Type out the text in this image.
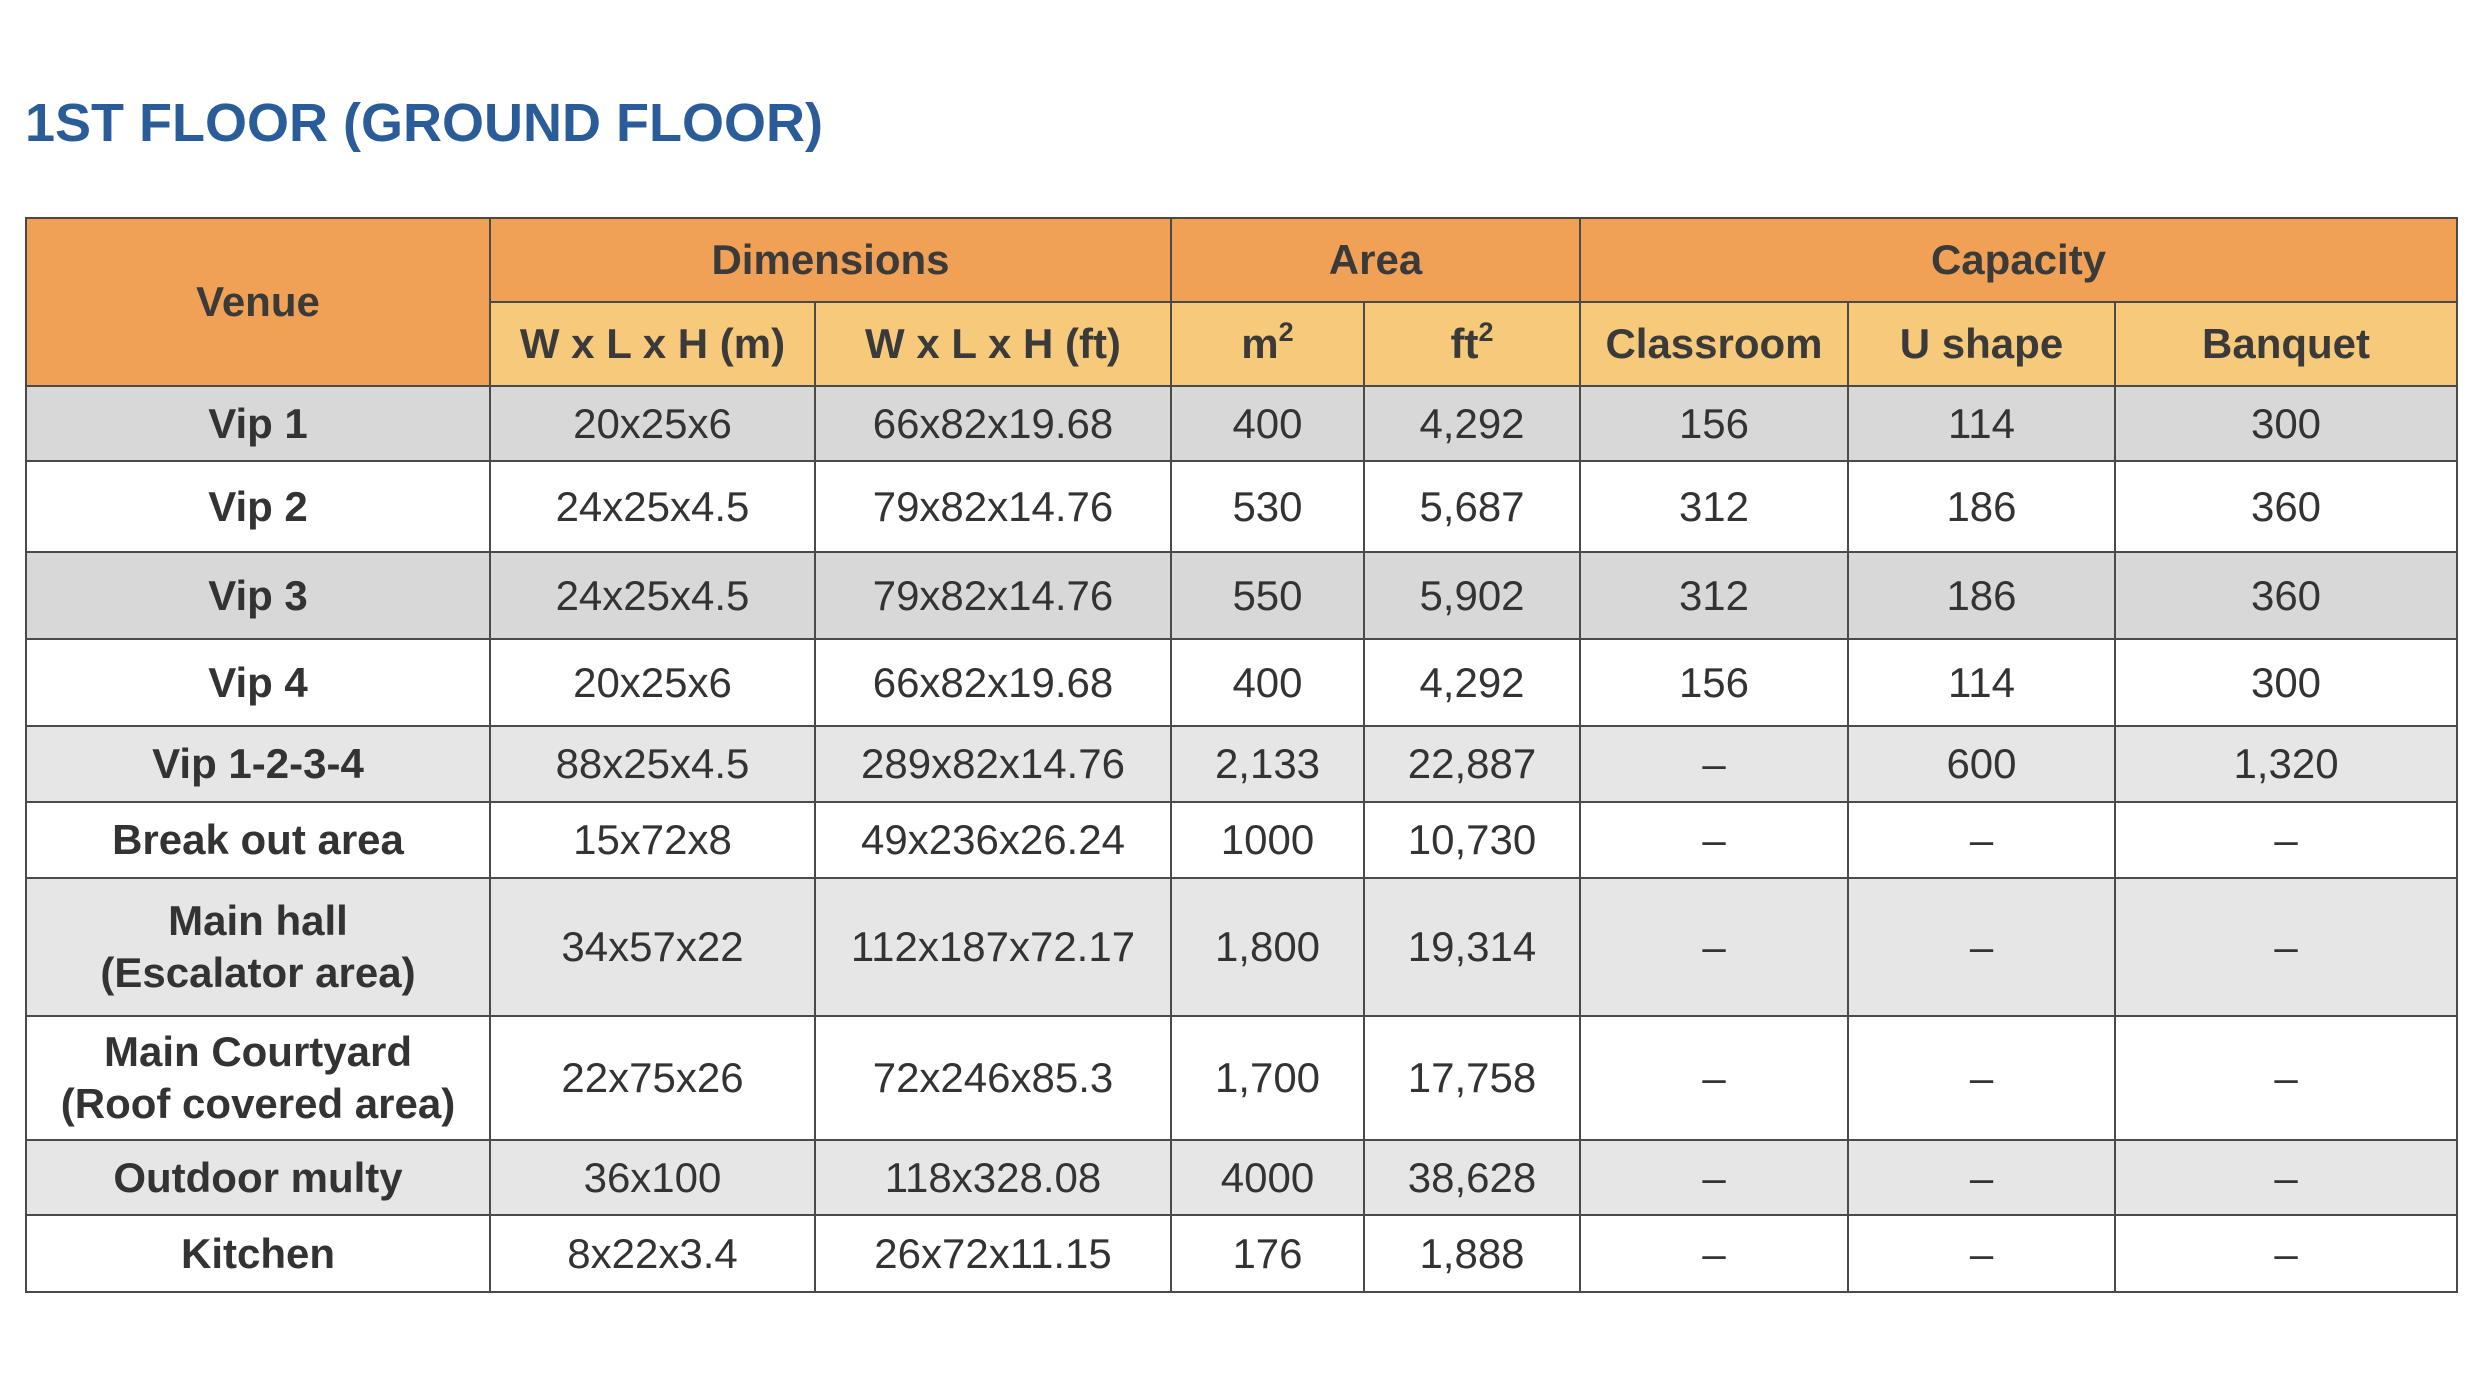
1ST FLOOR (GROUND FLOOR)
Venue	Dimensions		Area		Capacity		
	W x L x H (m)	W x L x H (ft)	$m^2$	$ft^2$	Classroom	U shape	Banquet
Vip 1	20x25x6	66x82x19.68	400	4,292	156	114	300
Vip 2	24x25x4.5	79x82x14.76	530	5,687	312	186	360
Vip 3	24x25x4.5	79x82x14.76	550	5,902	312	186	360
Vip 4	20x25x6	66x82x19.68	400	4,292	156	114	300
Vip 1-2-3-4	88x25x4.5	289x82x14.76	2,133	22,887	–	600	1,320
Break out area	15x72x8	49x236x26.24	1000	10,730	–	–	–

Main hall
(Escalator area)	34x57x22	112x187x72.17	1,800	19,314	–	–	–

Main Courtyard
(Roof covered area)	22x75x26	72x246x85.3	1,700	17,758	–	–	–
Outdoor multy	36x100	118x328.08	4000	38,628	–	–	–
Kitchen	8x22x3.4	26x72x11.15	176	1,888	–	–	–
